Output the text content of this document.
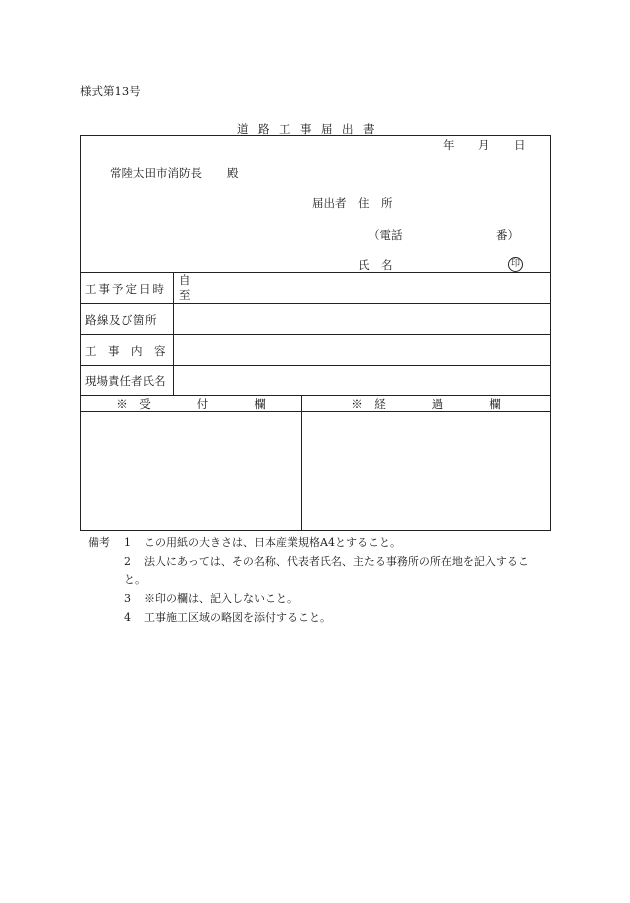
様式第13号
道路工事届出書
年 月 日
常陸太田市消防長 殿
届出者 住　所
（電話	番）
氏　名
工事予定日時
自
至
路線及び箇所
工　事　内　容
現場責任者氏名
※　受　　　　付　　　　欄	※　経　　　　過　　　　欄
印
備考 1 この用紙の大きさは、日本産業規格A4とすること。
2 法人にあっては、その名称、代表者氏名、主たる事務所の所在地を記入するこ
と。
3 ※印の欄は、記入しないこと。
4 工事施工区域の略図を添付すること。
